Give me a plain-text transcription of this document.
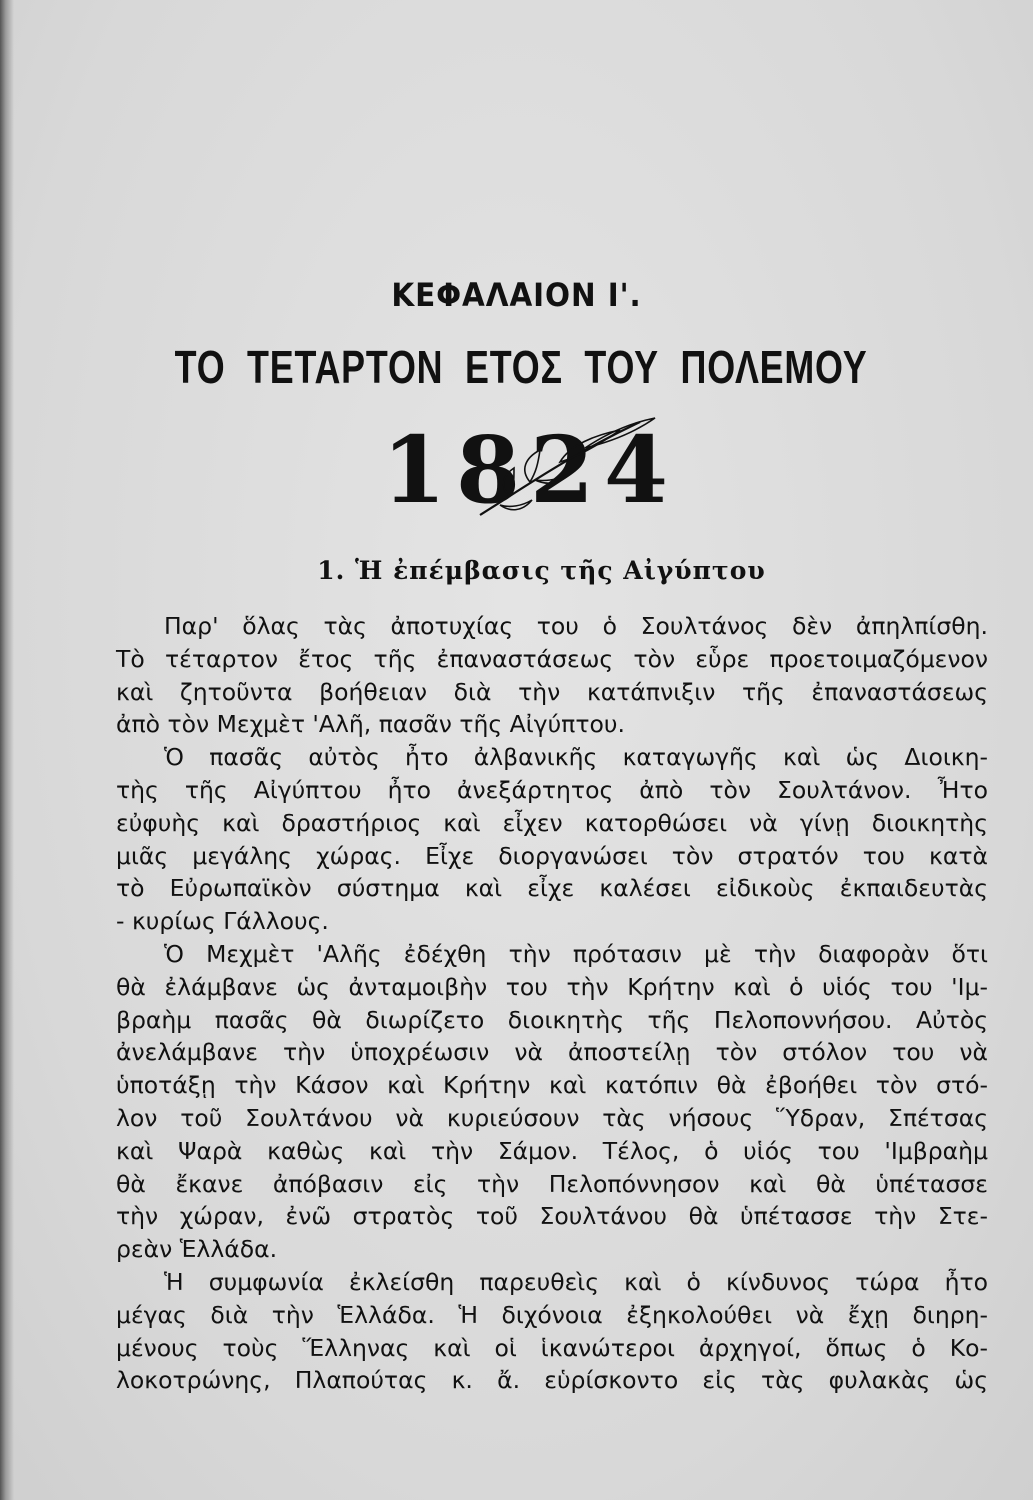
ΚΕΦΑΛΑΙΟΝ Ι'.
ΤΟ ΤΕΤΑΡΤΟΝ ΕΤΟΣ ΤΟΥ ΠΟΛΕΜΟΥ
1824
1. Ἡ ἐπέμβασις τῆς Αἰγύπτου
Παρ' ὅλας τὰς ἀποτυχίας του ὁ Σουλτάνος δὲν ἀπηλπίσθη.
Τὸ τέταρτον ἔτος τῆς ἐπαναστάσεως τὸν εὗρε προετοιμαζόμενον
καὶ ζητοῦντα βοήθειαν διὰ τὴν κατάπνιξιν τῆς ἐπαναστάσεως
ἀπὸ τὸν Μεχμὲτ 'Αλῆ, πασᾶν τῆς Αἰγύπτου.
Ὁ πασᾶς αὐτὸς ἦτο ἀλβανικῆς καταγωγῆς καὶ ὡς Διοικη-
τὴς τῆς Αἰγύπτου ἦτο ἀνεξάρτητος ἀπὸ τὸν Σουλτάνον. Ἦτο
εὐφυὴς καὶ δραστήριος καὶ εἶχεν κατορθώσει νὰ γίνῃ διοικητὴς
μιᾶς μεγάλης χώρας. Εἶχε διοργανώσει τὸν στρατόν του κατὰ
τὸ Εὐρωπαϊκὸν σύστημα καὶ εἶχε καλέσει εἰδικοὺς ἐκπαιδευτὰς
- κυρίως Γάλλους.
Ὁ Μεχμὲτ 'Αλῆς ἐδέχθη τὴν πρότασιν μὲ τὴν διαφορὰν ὅτι
θὰ ἐλάμβανε ὡς ἀνταμοιβὴν του τὴν Κρήτην καὶ ὁ υἱός του 'Ιμ-
βραὴμ πασᾶς θὰ διωρίζετο διοικητὴς τῆς Πελοποννήσου. Αὐτὸς
ἀνελάμβανε τὴν ὑποχρέωσιν νὰ ἀποστείλῃ τὸν στόλον του νὰ
ὑποτάξῃ τὴν Κάσον καὶ Κρήτην καὶ κατόπιν θὰ ἐβοήθει τὸν στό-
λον τοῦ Σουλτάνου νὰ κυριεύσουν τὰς νήσους Ὕδραν, Σπέτσας
καὶ Ψαρὰ καθὼς καὶ τὴν Σάμον. Τέλος, ὁ υἱός του 'Ιμβραὴμ
θὰ ἔκανε ἀπόβασιν εἰς τὴν Πελοπόννησον καὶ θὰ ὑπέτασσε
τὴν χώραν, ἐνῶ στρατὸς τοῦ Σουλτάνου θὰ ὑπέτασσε τὴν Στε-
ρεὰν Ἑλλάδα.
Ἡ συμφωνία ἐκλείσθη παρευθεὶς καὶ ὁ κίνδυνος τώρα ἦτο
μέγας διὰ τὴν Ἑλλάδα. Ἡ διχόνοια ἐξηκολούθει νὰ ἔχῃ διηρη-
μένους τοὺς Ἕλληνας καὶ οἱ ἱκανώτεροι ἀρχηγοί, ὅπως ὁ Κο-
λοκοτρώνης, Πλαπούτας κ. ἄ. εὑρίσκοντο εἰς τὰς φυλακὰς ὡς
